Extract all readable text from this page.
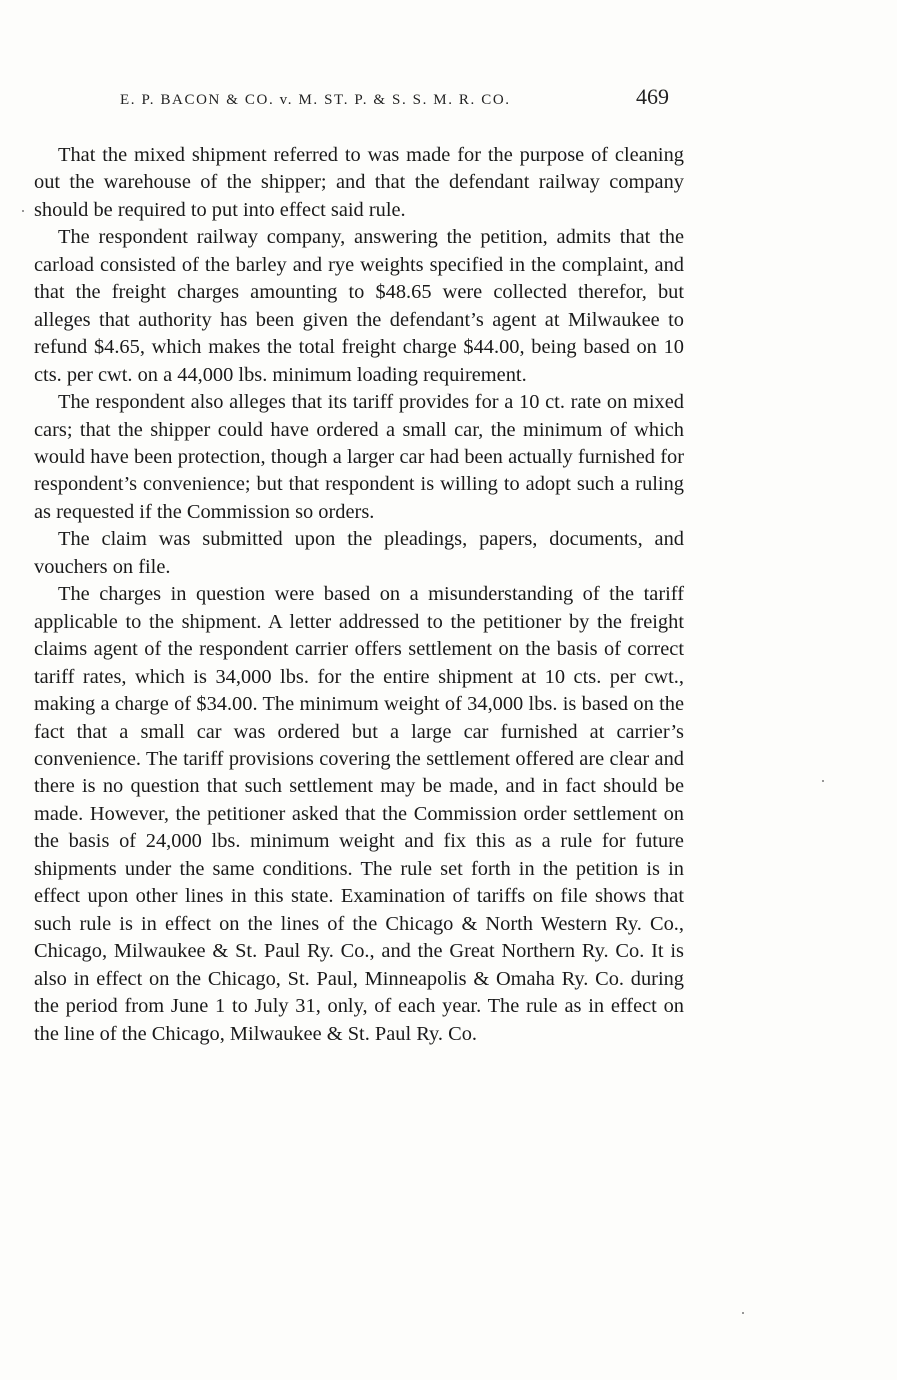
E. P. BACON & CO. v. M. ST. P. & S. S. M. R. CO.	469

That the mixed shipment referred to was made for the purpose of cleaning out the warehouse of the shipper; and that the defendant railway company should be required to put into effect said rule.

The respondent railway company, answering the petition, admits that the carload consisted of the barley and rye weights specified in the complaint, and that the freight charges amounting to $48.65 were collected therefor, but alleges that authority has been given the defendant’s agent at Milwaukee to refund $4.65, which makes the total freight charge $44.00, being based on 10 cts. per cwt. on a 44,000 lbs. minimum loading requirement.

The respondent also alleges that its tariff provides for a 10 ct. rate on mixed cars; that the shipper could have ordered a small car, the minimum of which would have been protection, though a larger car had been actually furnished for respondent’s convenience; but that respondent is willing to adopt such a ruling as requested if the Commission so orders.

The claim was submitted upon the pleadings, papers, documents, and vouchers on file.

The charges in question were based on a misunderstanding of the tariff applicable to the shipment. A letter addressed to the petitioner by the freight claims agent of the respondent carrier offers settlement on the basis of correct tariff rates, which is 34,000 lbs. for the entire shipment at 10 cts. per cwt., making a charge of $34.00. The minimum weight of 34,000 lbs. is based on the fact that a small car was ordered but a large car furnished at carrier’s convenience. The tariff provisions covering the settlement offered are clear and there is no question that such settlement may be made, and in fact should be made. However, the petitioner asked that the Commission order settlement on the basis of 24,000 lbs. minimum weight and fix this as a rule for future shipments under the same conditions. The rule set forth in the petition is in effect upon other lines in this state. Examination of tariffs on file shows that such rule is in effect on the lines of the Chicago & North Western Ry. Co., Chicago, Milwaukee & St. Paul Ry. Co., and the Great Northern Ry. Co. It is also in effect on the Chicago, St. Paul, Minneapolis & Omaha Ry. Co. during the period from June 1 to July 31, only, of each year. The rule as in effect on the line of the Chicago, Milwaukee & St. Paul Ry. Co.
